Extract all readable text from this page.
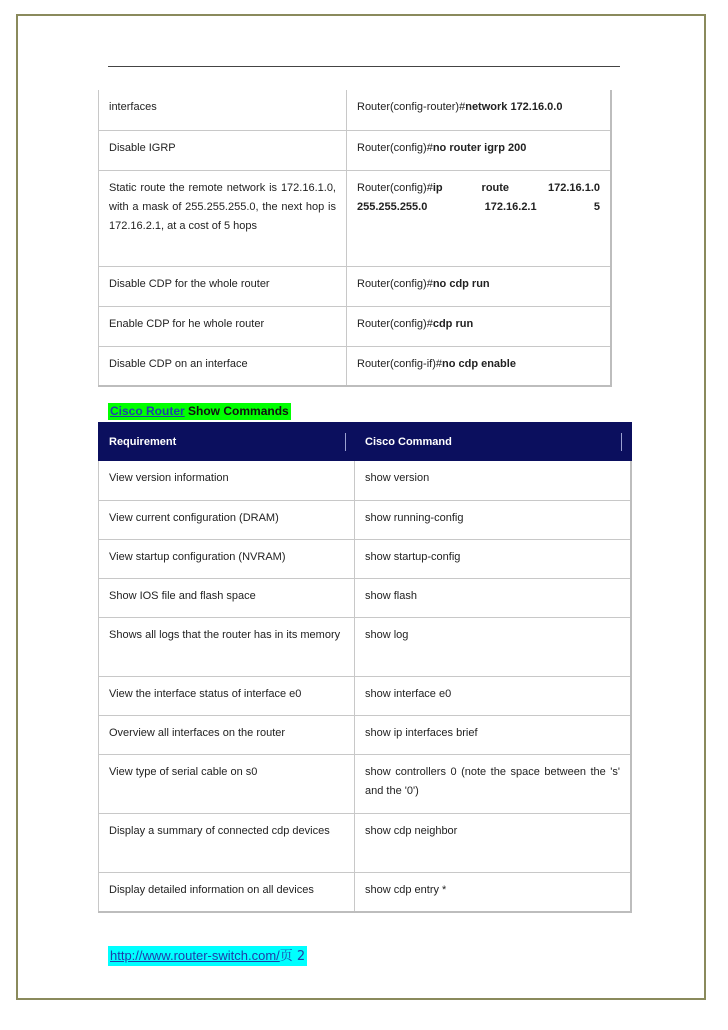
interfaces	Router(config-router)#network 172.16.0.0
Disable IGRP	Router(config)#no router igrp 200
Static route the remote network is 172.16.1.0, with a mask of 255.255.255.0, the next hop is 172.16.2.1, at a cost of 5 hops	Router(config)#ip route 172.16.1.0 255.255.255.0 172.16.2.1 5
Disable CDP for the whole router	Router(config)#no cdp run
Enable CDP for he whole router	Router(config)#cdp run
Disable CDP on an interface	Router(config-if)#no cdp enable
Cisco Router Show Commands
Requirement	Cisco Command

View version information	show version
View current configuration (DRAM)	show running-config
View startup configuration (NVRAM)	show startup-config
Show IOS file and flash space	show flash
Shows all logs that the router has in its memory	show log
View the interface status of interface e0	show interface e0
Overview all interfaces on the router	show ip interfaces brief
View type of serial cable on s0	show controllers 0 (note the space between the 's' and the '0')
Display a summary of connected cdp devices	show cdp neighbor
Display detailed information on all devices	show cdp entry *
http://www.router-switch.com/页 2
